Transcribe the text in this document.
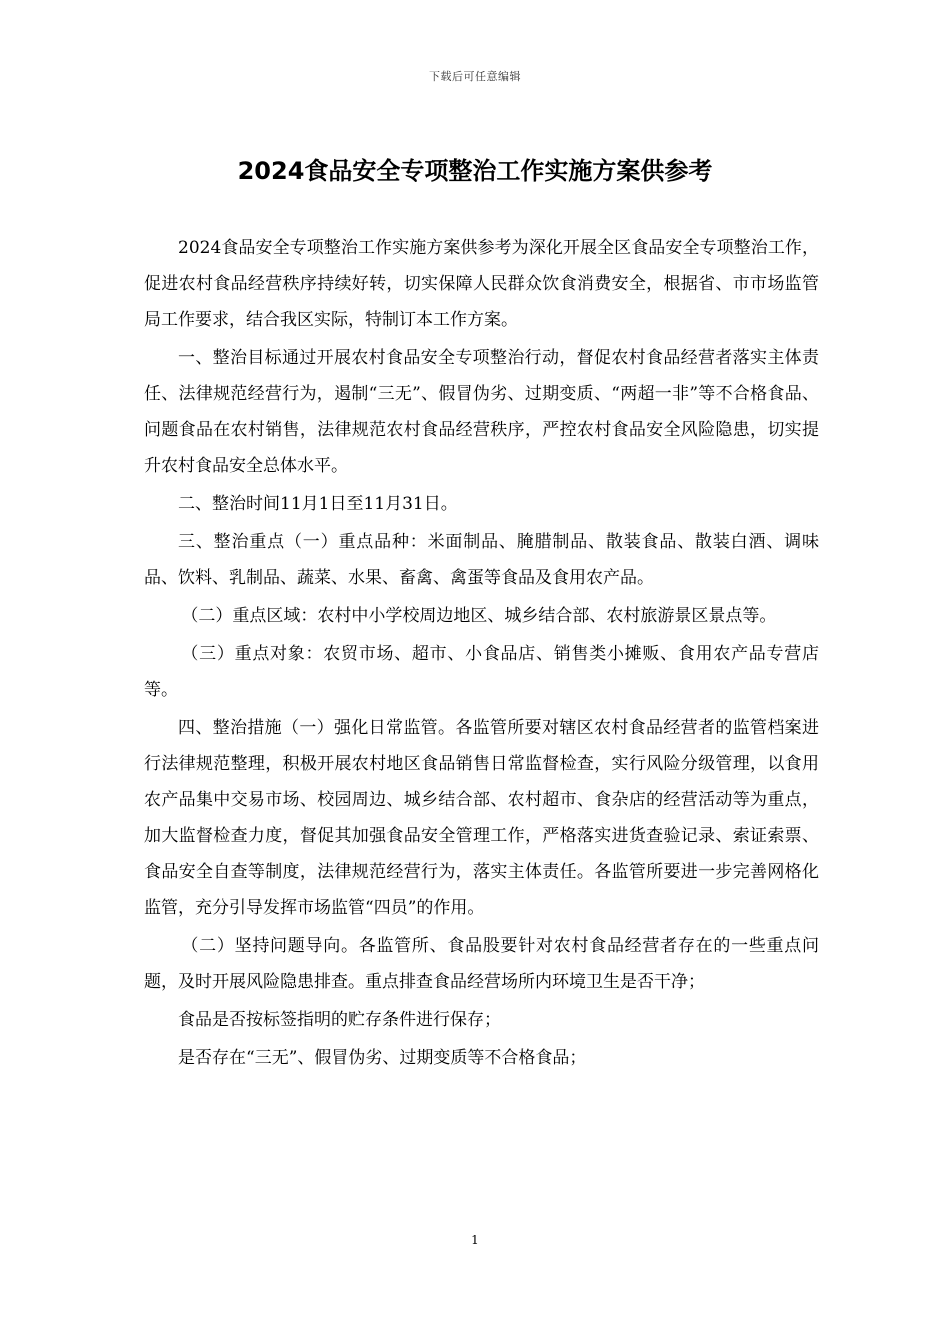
下载后可任意编辑
2024食品安全专项整治工作实施方案供参考

2024食品安全专项整治工作实施方案供参考为深化开展全区食品安全专项整治工作，促进农村食品经营秩序持续好转，切实保障人民群众饮食消费安全，根据省、市市场监管局工作要求，结合我区实际，特制订本工作方案。

一、整治目标通过开展农村食品安全专项整治行动，督促农村食品经营者落实主体责任、法律规范经营行为，遏制“三无”、假冒伪劣、过期变质、“两超一非”等不合格食品、问题食品在农村销售，法律规范农村食品经营秩序，严控农村食品安全风险隐患，切实提升农村食品安全总体水平。

二、整治时间11月1日至11月31日。

三、整治重点（一）重点品种：米面制品、腌腊制品、散装食品、散装白酒、调味品、饮料、乳制品、蔬菜、水果、畜禽、禽蛋等食品及食用农产品。

（二）重点区域：农村中小学校周边地区、城乡结合部、农村旅游景区景点等。

（三）重点对象：农贸市场、超市、小食品店、销售类小摊贩、食用农产品专营店等。

四、整治措施（一）强化日常监管。各监管所要对辖区农村食品经营者的监管档案进行法律规范整理，积极开展农村地区食品销售日常监督检查，实行风险分级管理，以食用农产品集中交易市场、校园周边、城乡结合部、农村超市、食杂店的经营活动等为重点，加大监督检查力度，督促其加强食品安全管理工作，严格落实进货查验记录、索证索票、食品安全自查等制度，法律规范经营行为，落实主体责任。各监管所要进一步完善网格化监管，充分引导发挥市场监管“四员”的作用。

（二）坚持问题导向。各监管所、食品股要针对农村食品经营者存在的一些重点问题，及时开展风险隐患排查。重点排查食品经营场所内环境卫生是否干净；

食品是否按标签指明的贮存条件进行保存；

是否存在“三无”、假冒伪劣、过期变质等不合格食品；

1
